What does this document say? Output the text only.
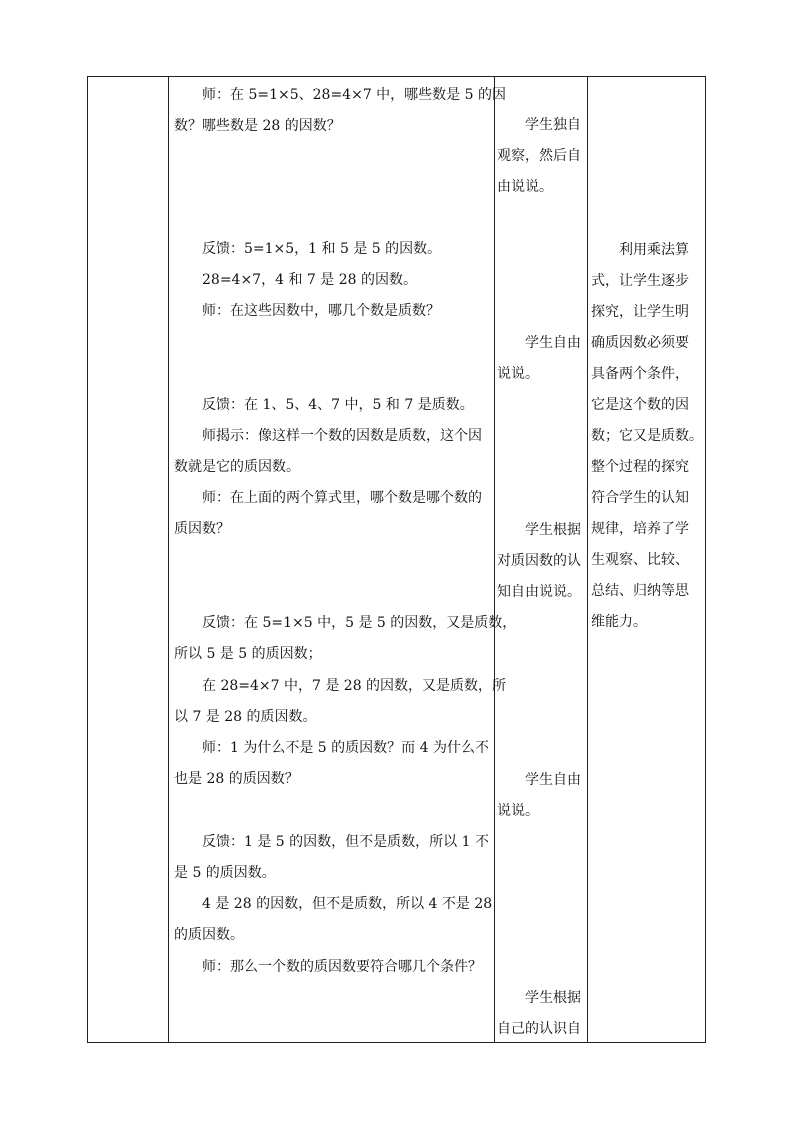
师：在 5=1×5、28=4×7 中，哪些数是 5 的因
数？哪些数是 28 的因数？
反馈：5=1×5，1 和 5 是 5 的因数。
28=4×7，4 和 7 是 28 的因数。
师：在这些因数中，哪几个数是质数？
反馈：在 1、5、4、7 中，5 和 7 是质数。
师揭示：像这样一个数的因数是质数，这个因
数就是它的质因数。
师：在上面的两个算式里，哪个数是哪个数的
质因数？
反馈：在 5=1×5 中，5 是 5 的因数，又是质数，
所以 5 是 5 的质因数；
在 28=4×7 中，7 是 28 的因数，又是质数，所
以 7 是 28 的质因数。
师：1 为什么不是 5 的质因数？而 4 为什么不
也是 28 的质因数？
反馈：1 是 5 的因数，但不是质数，所以 1 不
是 5 的质因数。
4 是 28 的因数，但不是质数，所以 4 不是 28
的质因数。
师：那么一个数的质因数要符合哪几个条件？
学生独自
观察，然后自
由说说。
学生自由
说说。
学生根据
对质因数的认
知自由说说。
学生自由
说说。
学生根据
自己的认识自
利用乘法算
式，让学生逐步
探究，让学生明
确质因数必须要
具备两个条件，
它是这个数的因
数；它又是质数。
整个过程的探究
符合学生的认知
规律，培养了学
生观察、比较、
总结、归纳等思
维能力。
